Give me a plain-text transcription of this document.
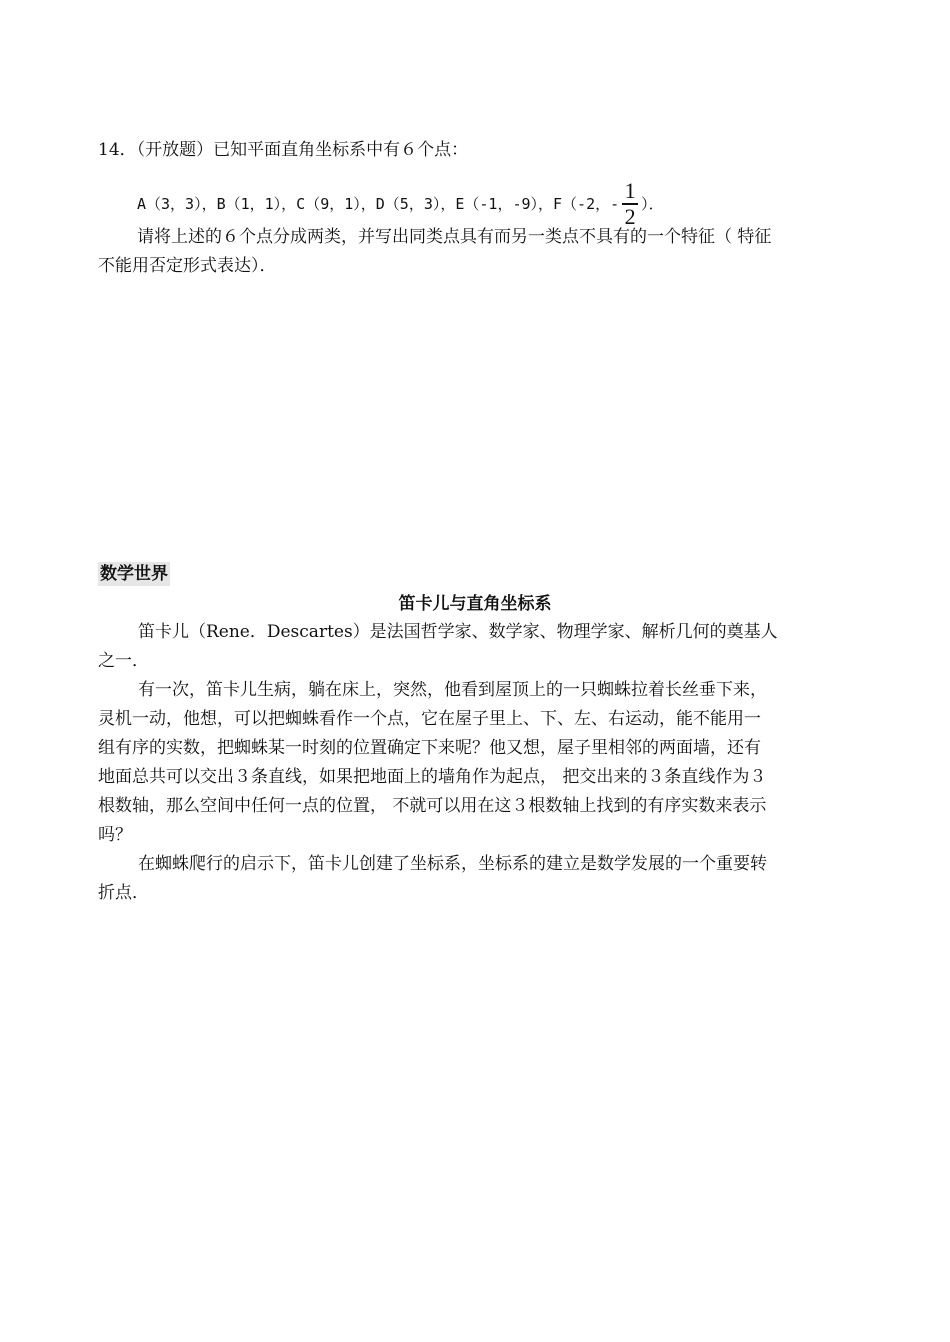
14．（开放题）已知平面直角坐标系中有６个点：
A（3，3），B（1，1），C（9，1），D（5，3），E（-1，-9），F（-2，- $\frac{1}{2}$ ）．
请将上述的６个点分成两类，并写出同类点具有而另一类点不具有的一个特征（ 特征
不能用否定形式表达）．
数学世界
笛卡儿与直角坐标系
笛卡儿（Rene．Descartes）是法国哲学家、数学家、物理学家、解析几何的奠基人
之一．
有一次，笛卡儿生病，躺在床上，突然，他看到屋顶上的一只蜘蛛拉着长丝垂下来，
灵机一动，他想，可以把蜘蛛看作一个点，它在屋子里上、下、左、右运动，能不能用一
组有序的实数，把蜘蛛某一时刻的位置确定下来呢？他又想，屋子里相邻的两面墙，还有
地面总共可以交出３条直线，如果把地面上的墙角作为起点， 把交出来的３条直线作为３
根数轴，那么空间中任何一点的位置， 不就可以用在这３根数轴上找到的有序实数来表示
吗？
在蜘蛛爬行的启示下，笛卡儿创建了坐标系，坐标系的建立是数学发展的一个重要转
折点．
